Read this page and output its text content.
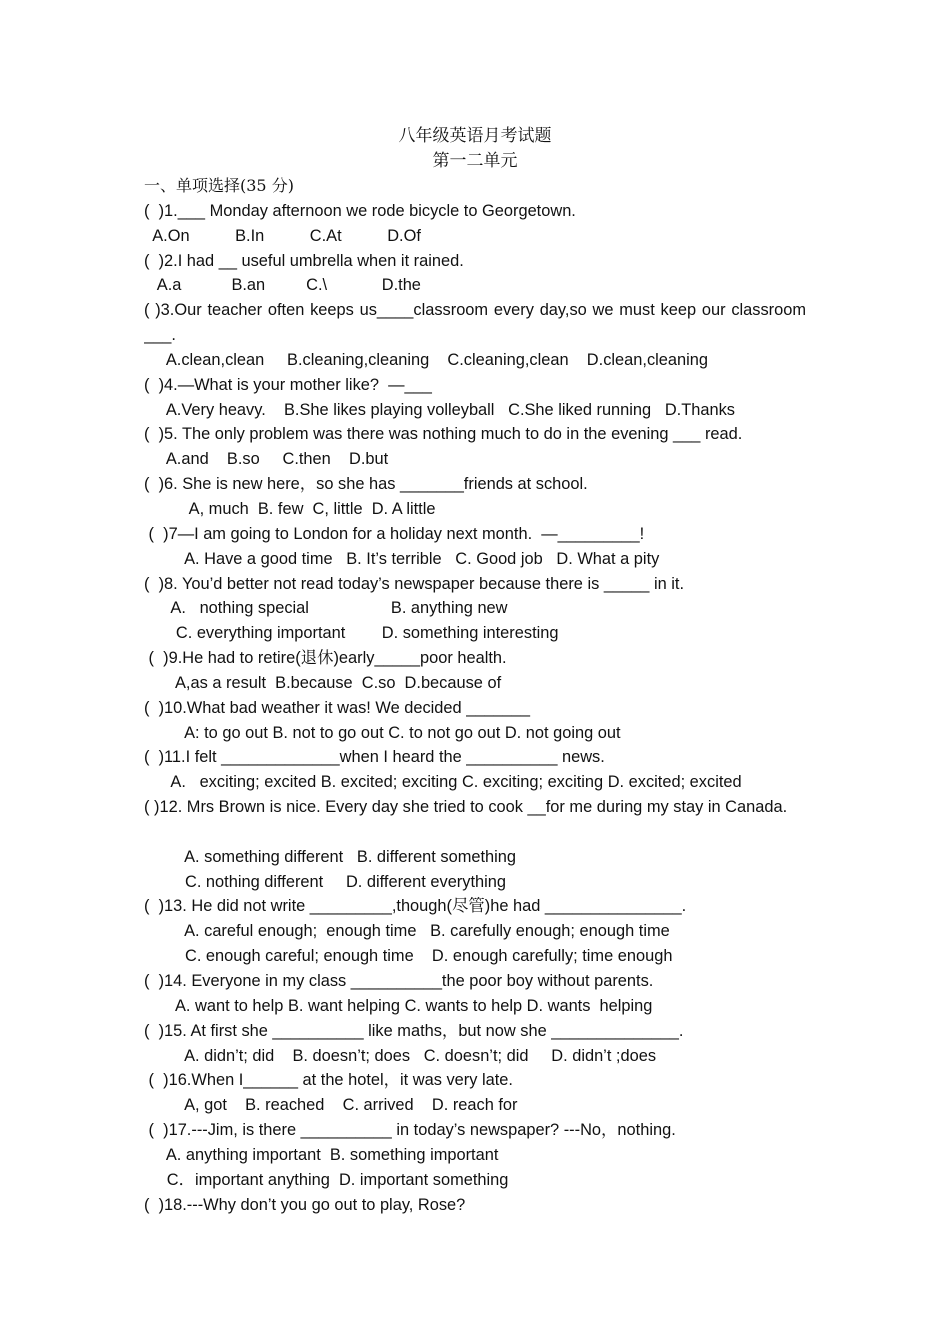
八年级英语月考试题
第一二单元
一、单项选择(35 分)
(  )1.___ Monday afternoon we rode bicycle to Georgetown.
A.On          B.In          C.At          D.Of
(  )2.I had __ useful umbrella when it rained.
A.a           B.an         C.\            D.the
( )3.Our teacher often keeps us____classroom every day,so we must keep our classroom ___.
A.clean,clean     B.cleaning,cleaning    C.cleaning,clean    D.clean,cleaning
(  )4.—What is your mother like?  —___
A.Very heavy.    B.She likes playing volleyball   C.She liked running   D.Thanks
(  )5. The only problem was there was nothing much to do in the evening ___ read.
A.and    B.so     C.then    D.but
(  )6. She is new here，so she has _______friends at school.
A, much  B. few  C, little  D. A little
(  )7—I am going to London for a holiday next month.  —_________!
A. Have a good time   B. It’s terrible   C. Good job   D. What a pity
(  )8. You’d better not read today’s newspaper because there is _____ in it.
A.   nothing special                  B. anything new
C. everything important        D. something interesting
(  )9.He had to retire(退休)early_____poor health.
A,as a result  B.because  C.so  D.because of
(  )10.What bad weather it was! We decided _______
A: to go out B. not to go out C. to not go out D. not going out
(  )11.I felt _____________when I heard the __________ news.
A.   exciting; excited B. excited; exciting C. exciting; exciting D. excited; excited
( )12. Mrs Brown is nice. Every day she tried to cook __for me during my stay in Canada.
A. something different   B. different something
C. nothing different     D. different everything
(  )13. He did not write _________,though(尽管)he had _______________.
A. careful enough;  enough time   B. carefully enough; enough time
C. enough careful; enough time    D. enough carefully; time enough
(  )14. Everyone in my class __________the poor boy without parents.
A. want to help B. want helping C. wants to help D. wants  helping
(  )15. At first she __________ like maths，but now she ______________.
A. didn’t; did    B. doesn’t; does   C. doesn’t; did     D. didn’t ;does
(  )16.When I______ at the hotel，it was very late.
A, got    B. reached    C. arrived    D. reach for
(  )17.---Jim, is there __________ in today’s newspaper? ---No，nothing.
A. anything important  B. something important
C．important anything  D. important something
(  )18.---Why don’t you go out to play, Rose?
